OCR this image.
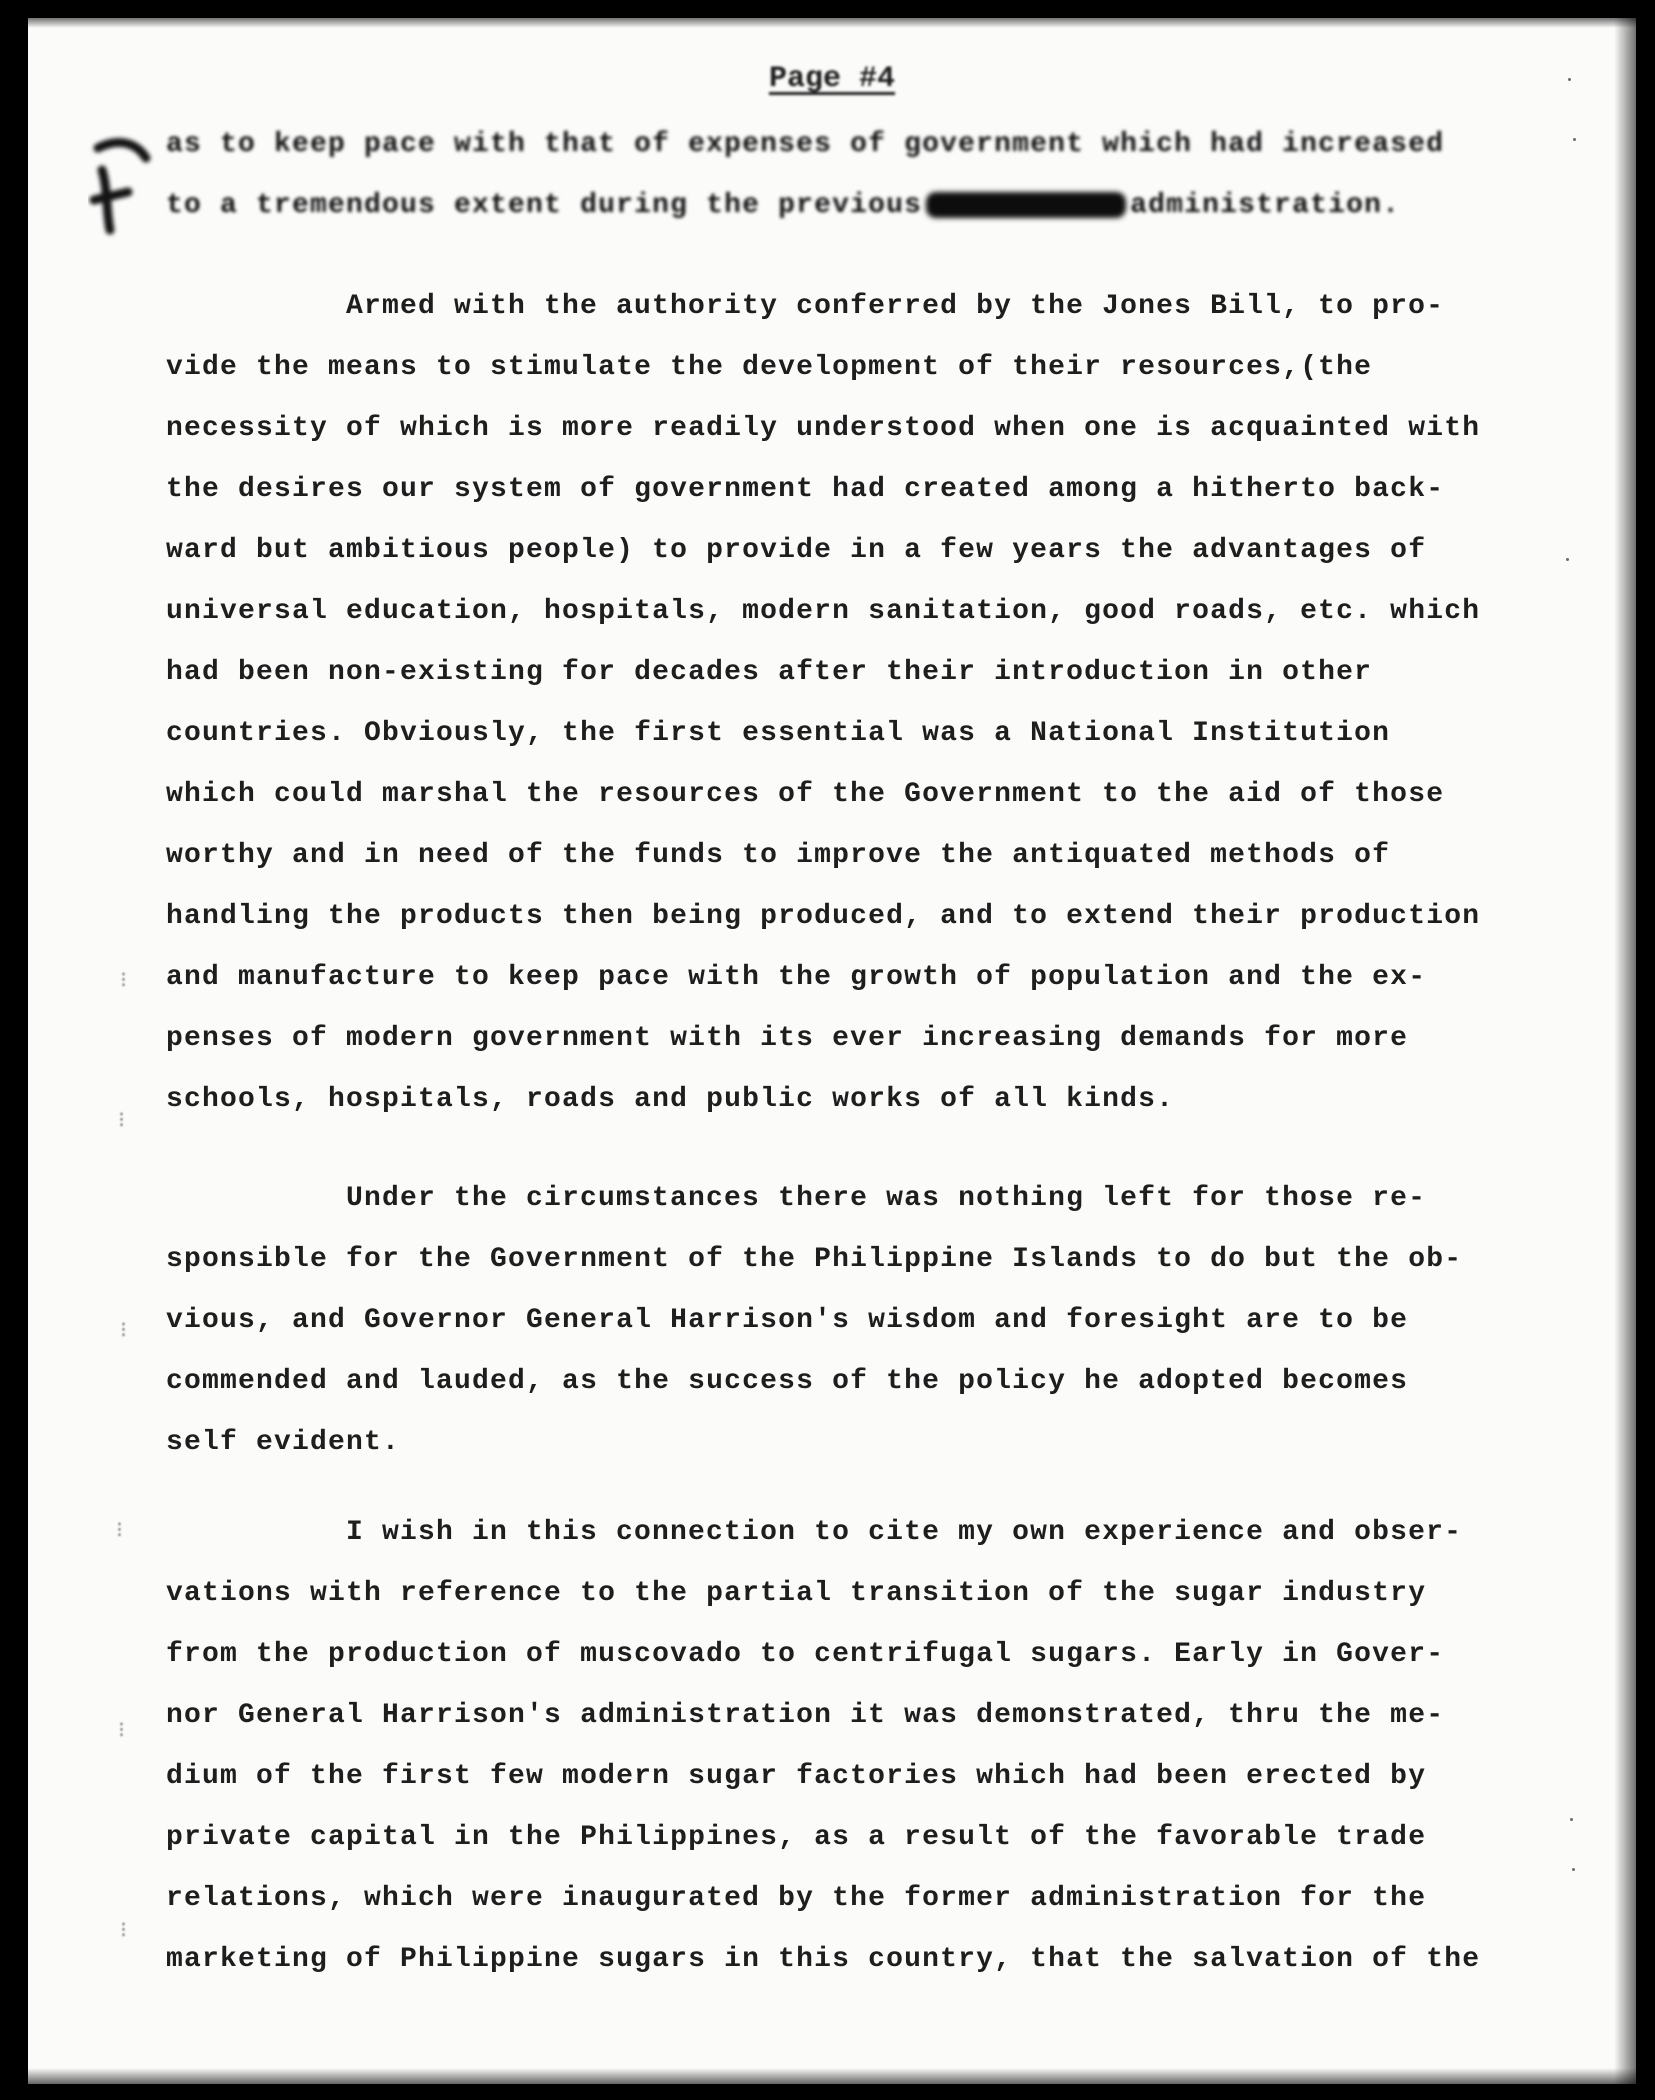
Page #4
as to keep pace with that of expenses of government which had increased
to a tremendous extent during the previous	administration.
Armed with the authority conferred by the Jones Bill, to pro-
vide the means to stimulate the development of their resources,(the
necessity of which is more readily understood when one is acquainted with
the desires our system of government had created among a hitherto back-
ward but ambitious people) to provide in a few years the advantages of
universal education, hospitals, modern sanitation, good roads, etc. which
had been non-existing for decades after their introduction in other
countries. Obviously, the first essential was a National Institution
which could marshal the resources of the Government to the aid of those
worthy and in need of the funds to improve the antiquated methods of
handling the products then being produced, and to extend their production
and manufacture to keep pace with the growth of population and the ex-
penses of modern government with its ever increasing demands for more
schools, hospitals, roads and public works of all kinds.
Under the circumstances there was nothing left for those re-
sponsible for the Government of the Philippine Islands to do but the ob-
vious, and Governor General Harrison's wisdom and foresight are to be
commended and lauded, as the success of the policy he adopted becomes
self evident.
I wish in this connection to cite my own experience and obser-
vations with reference to the partial transition of the sugar industry
from the production of muscovado to centrifugal sugars. Early in Gover-
nor General Harrison's administration it was demonstrated, thru the me-
dium of the first few modern sugar factories which had been erected by
private capital in the Philippines, as a result of the favorable trade
relations, which were inaugurated by the former administration for the
marketing of Philippine sugars in this country, that the salvation of the
⁝
⁝
⁝
⁝
⁝
⁝
